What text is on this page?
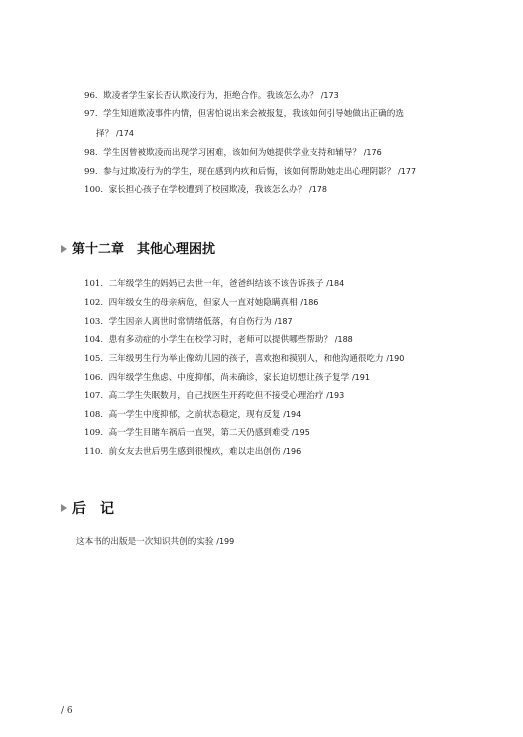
96. 欺凌者学生家长否认欺凌行为，拒绝合作。我该怎么办？ /173
97. 学生知道欺凌事件内情，但害怕说出来会被报复，我该如何引导她做出正确的选
择？ /174
98. 学生因曾被欺凌而出现学习困难，该如何为她提供学业支持和辅导？ /176
99. 参与过欺凌行为的学生，现在感到内疚和后悔，该如何帮助她走出心理阴影？ /177
100. 家长担心孩子在学校遭到了校园欺凌，我该怎么办？ /178
第十二章　其他心理困扰
101. 二年级学生的妈妈已去世一年，爸爸纠结该不该告诉孩子 /184
102. 四年级女生的母亲病危，但家人一直对她隐瞒真相 /186
103. 学生因亲人离世时常情绪低落，有自伤行为 /187
104. 患有多动症的小学生在校学习时，老师可以提供哪些帮助？ /188
105. 三年级男生行为举止像幼儿园的孩子，喜欢抱和摸别人，和他沟通很吃力 /190
106. 四年级学生焦虑、中度抑郁，尚未确诊，家长迫切想让孩子复学 /191
107. 高二学生失眠数月，自己找医生开药吃但不接受心理治疗 /193
108. 高一学生中度抑郁，之前状态稳定，现有反复 /194
109. 高一学生目睹车祸后一直哭，第二天仍感到难受 /195
110. 前女友去世后男生感到很愧疚，难以走出创伤 /196
后　记
这本书的出版是一次知识共创的实验 /199
/ 6
